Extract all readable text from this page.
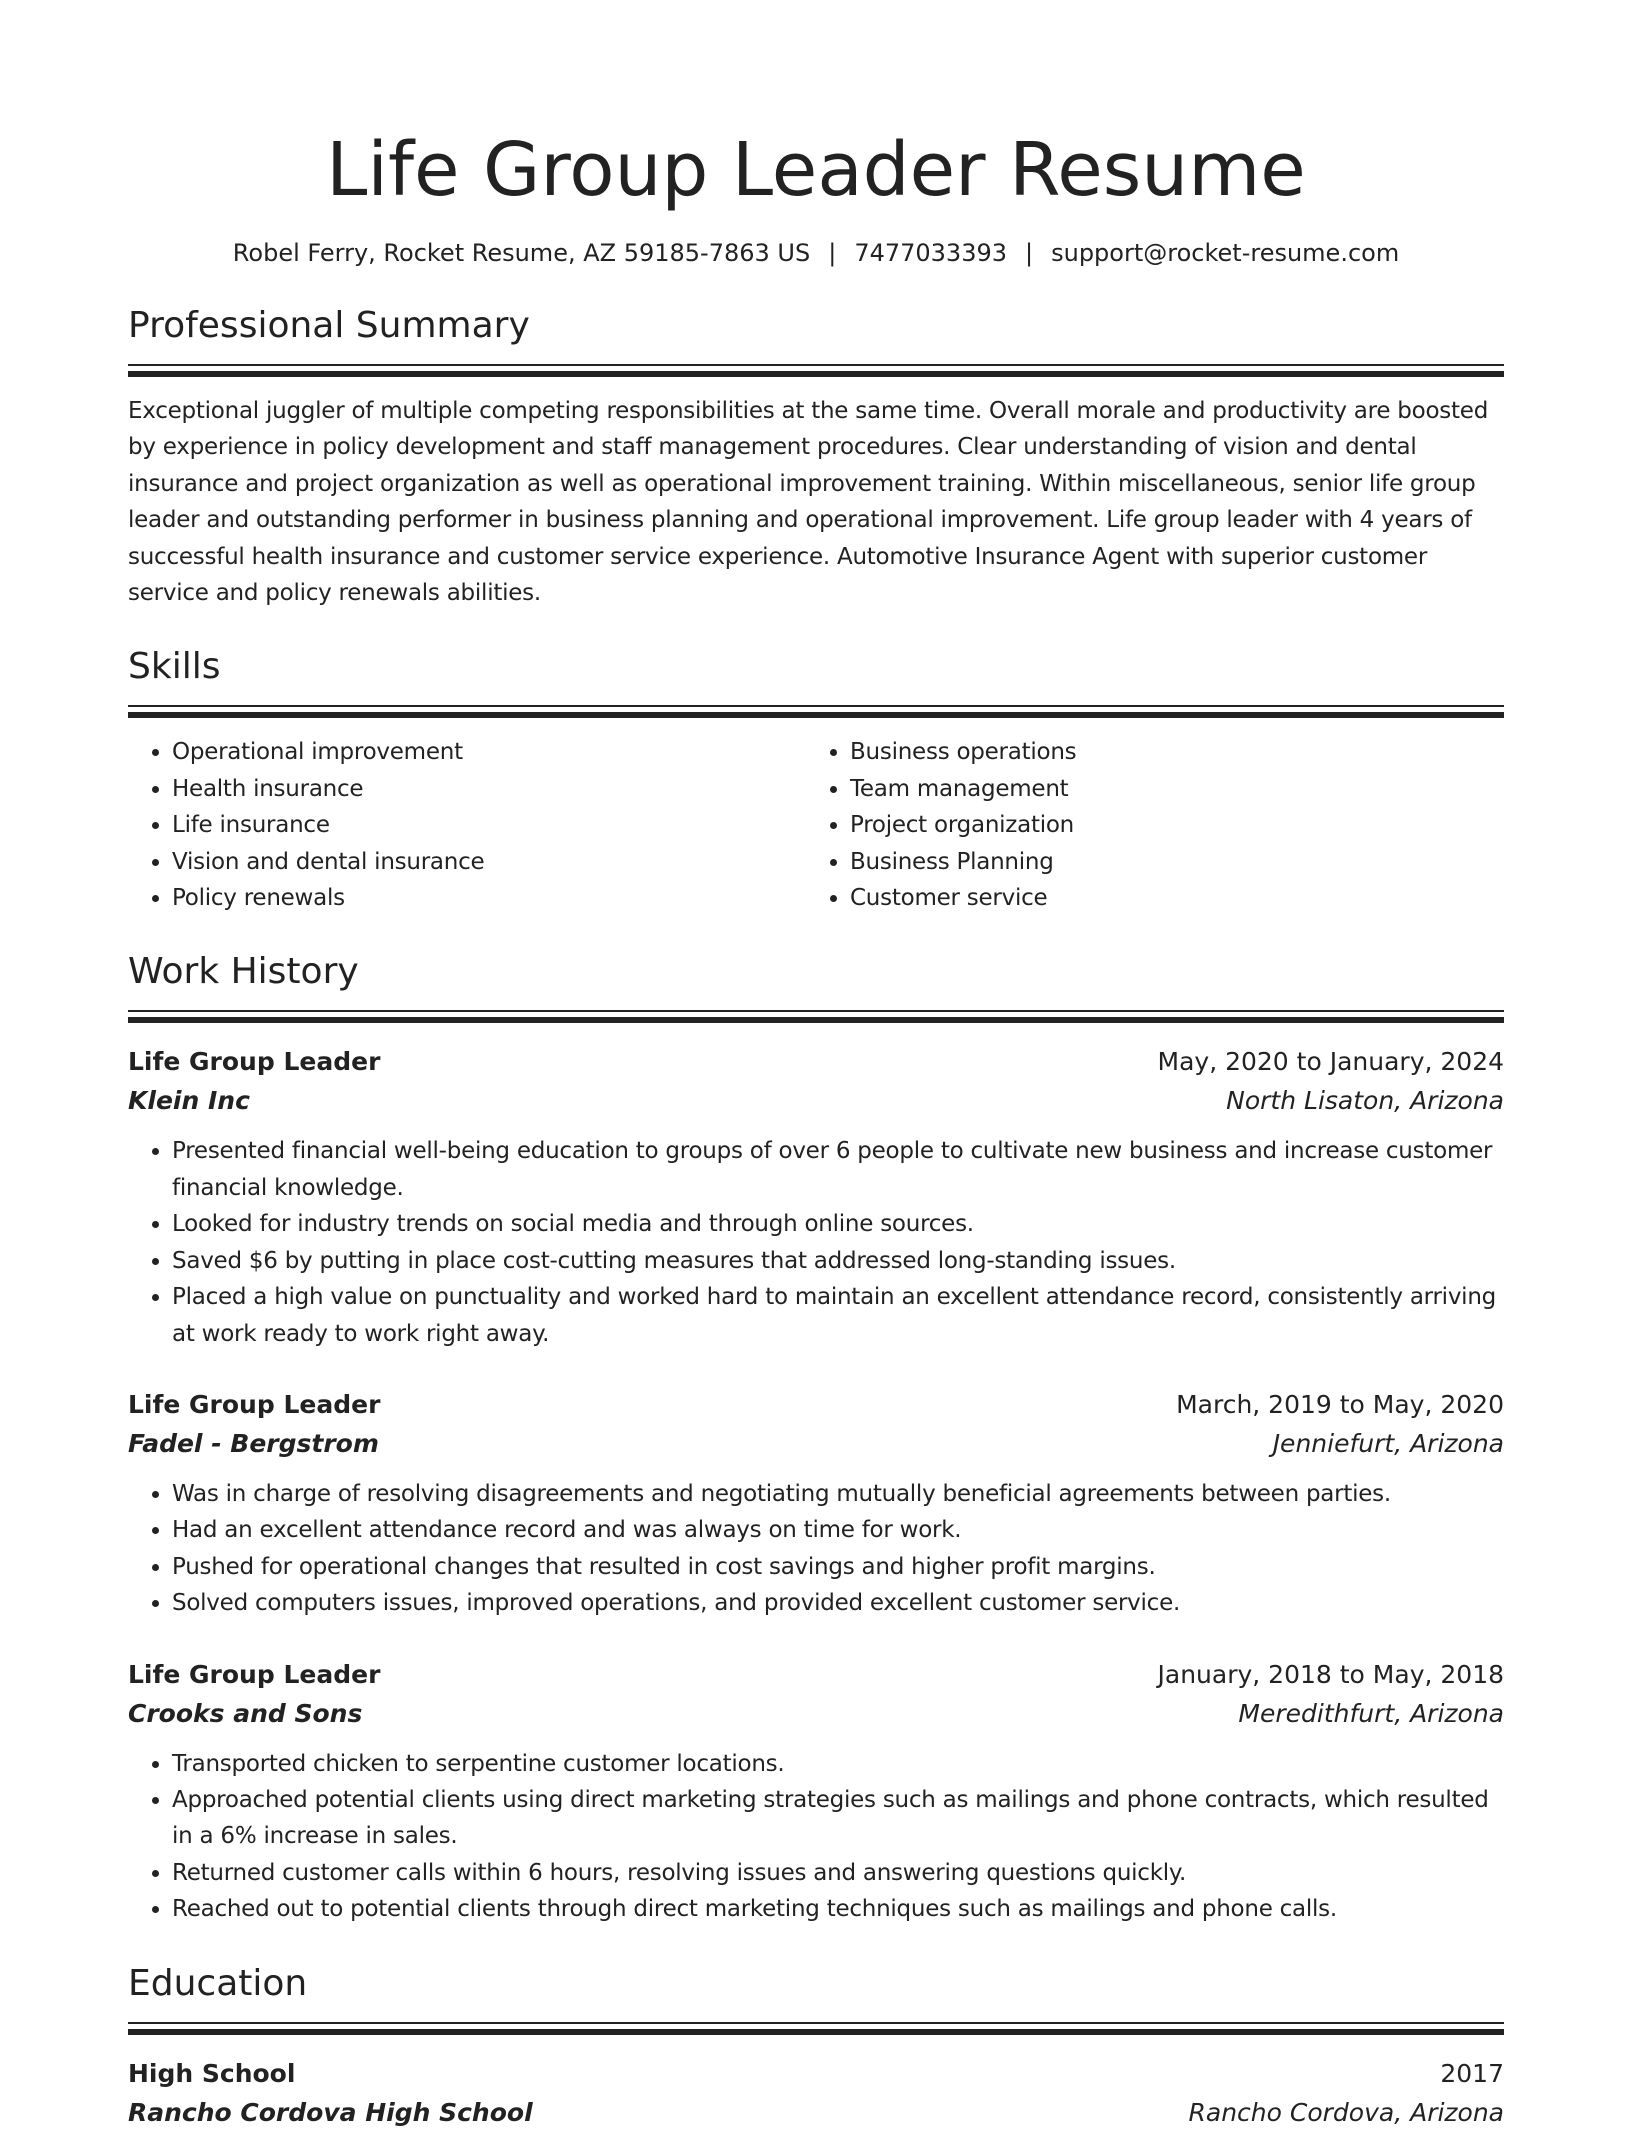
Life Group Leader Resume
Robel Ferry, Rocket Resume, AZ 59185-7863 US | 7477033393 | support@rocket-resume.com
Professional Summary
Exceptional juggler of multiple competing responsibilities at the same time. Overall morale and productivity are boosted by experience in policy development and staff management procedures. Clear understanding of vision and dental insurance and project organization as well as operational improvement training. Within miscellaneous, senior life group leader and outstanding performer in business planning and operational improvement. Life group leader with 4 years of successful health insurance and customer service experience. Automotive Insurance Agent with superior customer service and policy renewals abilities.
Skills
• Operational improvement
• Health insurance
• Life insurance
• Vision and dental insurance
• Policy renewals
• Business operations
• Team management
• Project organization
• Business Planning
• Customer service
Work History
Life Group Leader	May, 2020 to January, 2024
Klein Inc	North Lisaton, Arizona
• Presented financial well-being education to groups of over 6 people to cultivate new business and increase customer financial knowledge.
• Looked for industry trends on social media and through online sources.
• Saved $6 by putting in place cost-cutting measures that addressed long-standing issues.
• Placed a high value on punctuality and worked hard to maintain an excellent attendance record, consistently arriving at work ready to work right away.
Life Group Leader	March, 2019 to May, 2020
Fadel - Bergstrom	Jenniefurt, Arizona
• Was in charge of resolving disagreements and negotiating mutually beneficial agreements between parties.
• Had an excellent attendance record and was always on time for work.
• Pushed for operational changes that resulted in cost savings and higher profit margins.
• Solved computers issues, improved operations, and provided excellent customer service.
Life Group Leader	January, 2018 to May, 2018
Crooks and Sons	Meredithfurt, Arizona
• Transported chicken to serpentine customer locations.
• Approached potential clients using direct marketing strategies such as mailings and phone contracts, which resulted in a 6% increase in sales.
• Returned customer calls within 6 hours, resolving issues and answering questions quickly.
• Reached out to potential clients through direct marketing techniques such as mailings and phone calls.
Education
High School	2017
Rancho Cordova High School	Rancho Cordova, Arizona
